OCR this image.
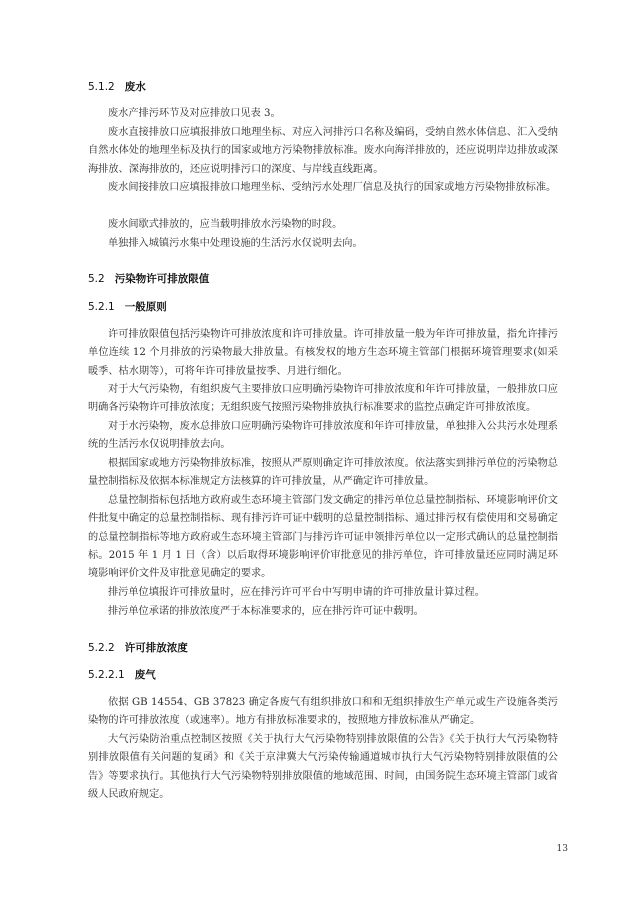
5.1.2 废水
废水产排污环节及对应排放口见表 3。
废水直接排放口应填报排放口地理坐标、对应入河排污口名称及编码，受纳自然水体信息、汇入受纳自然水体处的地理坐标及执行的国家或地方污染物排放标准。废水向海洋排放的，还应说明岸边排放或深海排放、深海排放的，还应说明排污口的深度、与岸线直线距离。
废水间接排放口应填报排放口地理坐标、受纳污水处理厂信息及执行的国家或地方污染物排放标准。
废水间歇式排放的，应当载明排放水污染物的时段。
单独排入城镇污水集中处理设施的生活污水仅说明去向。
5.2 污染物许可排放限值
5.2.1 一般原则
许可排放限值包括污染物许可排放浓度和许可排放量。许可排放量一般为年许可排放量，指允许排污单位连续 12 个月排放的污染物最大排放量。有核发权的地方生态环境主管部门根据环境管理要求(如采暖季、枯水期等），可将年许可排放量按季、月进行细化。
对于大气污染物，有组织废气主要排放口应明确污染物许可排放浓度和年许可排放量，一般排放口应明确各污染物许可排放浓度；无组织废气按照污染物排放执行标准要求的监控点确定许可排放浓度。
对于水污染物，废水总排放口应明确污染物许可排放浓度和年许可排放量，单独排入公共污水处理系统的生活污水仅说明排放去向。
根据国家或地方污染物排放标准，按照从严原则确定许可排放浓度。依法落实到排污单位的污染物总量控制指标及依据本标准规定方法核算的许可排放量，从严确定许可排放量。
总量控制指标包括地方政府或生态环境主管部门发文确定的排污单位总量控制指标、环境影响评价文件批复中确定的总量控制指标、现有排污许可证中载明的总量控制指标、通过排污权有偿使用和交易确定的总量控制指标等地方政府或生态环境主管部门与排污许可证申领排污单位以一定形式确认的总量控制指标。2015 年 1 月 1 日（含）以后取得环境影响评价审批意见的排污单位，许可排放量还应同时满足环境影响评价文件及审批意见确定的要求。
排污单位填报许可排放量时，应在排污许可平台中写明申请的许可排放量计算过程。
排污单位承诺的排放浓度严于本标准要求的，应在排污许可证中载明。
5.2.2 许可排放浓度
5.2.2.1 废气
依据 GB 14554、GB 37823 确定各废气有组织排放口和和无组织排放生产单元或生产设施各类污染物的许可排放浓度（或速率）。地方有排放标准要求的，按照地方排放标准从严确定。
大气污染防治重点控制区按照《关于执行大气污染物特别排放限值的公告》《关于执行大气污染物特别排放限值有关问题的复函》和《关于京津冀大气污染传输通道城市执行大气污染物特别排放限值的公告》等要求执行。其他执行大气污染物特别排放限值的地域范围、时间，由国务院生态环境主管部门或省级人民政府规定。
13
